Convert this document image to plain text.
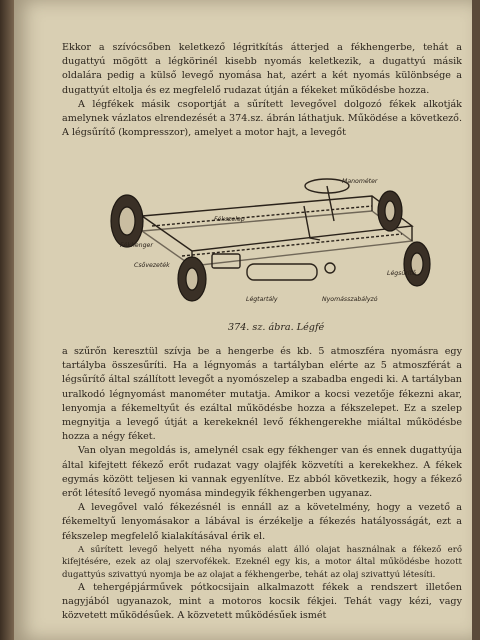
Ekkor a szívócsőben keletkező légritkítás átterjed a fékhengerbe, tehát a dugattyú mögött a légkörinél kisebb nyomás keletkezik, a dugattyú másik oldalára pedig a külső levegő nyomása hat, azért a két nyomás különbsége a dugattyút eltolja és ez megfelelő rudazat útján a fékeket működésbe hozza.

A légfékek másik csoportját a sűrített levegővel dolgozó fékek alkotják amelynek vázlatos elrendezését a 374.sz. ábrán láthatjuk. Működése a következő. A légsűrítő (kompresszor), amelyet a motor hajt, a levegőt

Manométer
Fékhenger
Fékszelep
Csővezeték
Légsűrítő
Légtartály	Nyomásszabályzó
374. sz. ábra. Légfé

a szűrőn keresztül szívja be a hengerbe és kb. 5 atmoszféra nyomásra egy tartályba összesűríti. Ha a légnyomás a tartályban elérte az 5 atmoszférát a légsűrítő által szállított levegőt a nyomószelep a szabadba engedi ki. A tartályban uralkodó légnyomást manométer mutatja. Amikor a kocsi vezetője fékezni akar, lenyomja a fékemeltyűt és ezáltal működésbe hozza a fékszelepet. Ez a szelep megnyitja a levegő útját a kerekeknél levő fékhengerekhe miáltal működésbe hozza a négy féket.

Van olyan megoldás is, amelynél csak egy fékhenger van és ennek dugattyúja által kifejtett fékező erőt rudazat vagy olajfék közvetíti a kerekekhez. A fékek egymás között teljesen ki vannak egyenlítve. Ez abból következik, hogy a fékező erőt létesítő levegő nyomása mindegyik fékhengerben ugyanaz.

A levegővel való fékezésnél is ennáll az a követelmény, hogy a vezető a fékemeltyű lenyomásakor a lábával is érzékelje a fékezés hatályosságát, ezt a fékszelep megfelelő kialakításával érik el.

A sűrített levegő helyett néha nyomás alatt álló olajat használnak a fékező erő kifejtésére, ezek az olaj szervofékek. Ezeknél egy kis, a motor által működésbe hozott dugattyús szivattyú nyomja be az olajat a fékhengerbe, tehát az olaj szivattyú létesíti.

A tehergépjárművek pótkocsijain alkalmazott fékek a rendszert illetően nagyjából ugyanazok, mint a motoros kocsik fékjei. Tehát vagy kézi, vagy közvetett működésűek. A közvetett működésűek ismét
